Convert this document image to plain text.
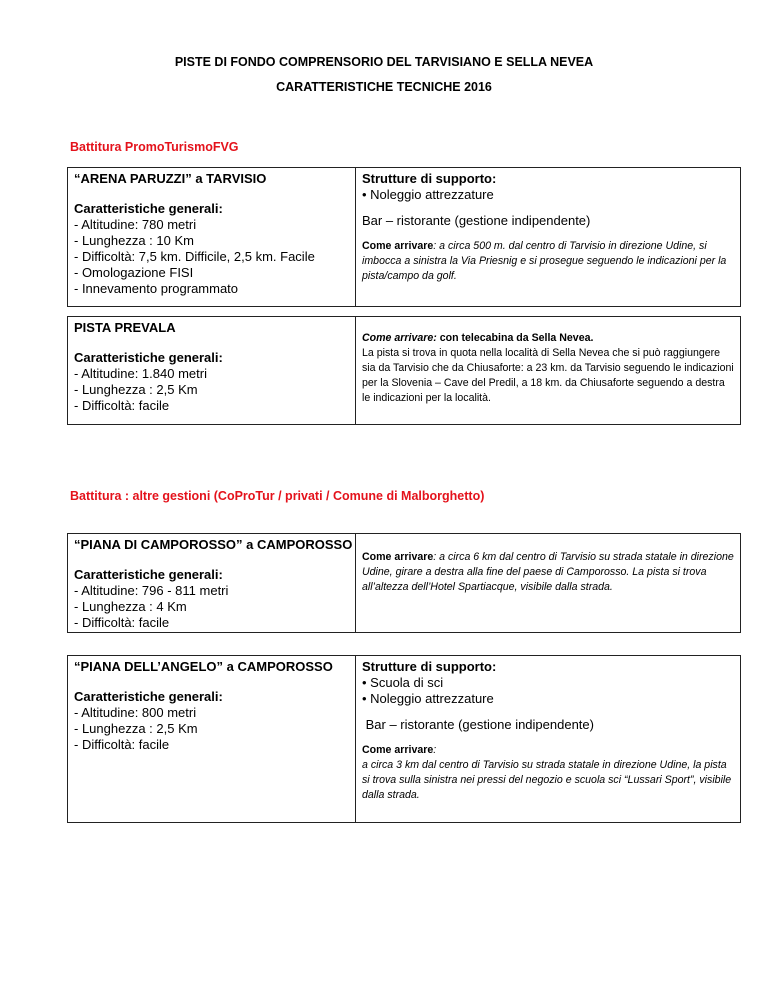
PISTE DI FONDO COMPRENSORIO DEL TARVISIANO E SELLA NEVEA
CARATTERISTICHE TECNICHE 2016
Battitura PromoTurismoFVG
“ARENA PARUZZI” a TARVISIO
Caratteristiche generali:
- Altitudine: 780 metri
- Lunghezza : 10 Km
- Difficoltà: 7,5 km. Difficile, 2,5 km. Facile
- Omologazione FISI
- Innevamento programmato
Strutture di supporto:
• Noleggio attrezzature
Bar – ristorante (gestione indipendente)
Come arrivare: a circa 500 m. dal centro di Tarvisio in direzione Udine, si imbocca a sinistra la Via Priesnig e si prosegue seguendo le indicazioni per la pista/campo da golf.
PISTA PREVALA
Caratteristiche generali:
- Altitudine: 1.840 metri
- Lunghezza : 2,5 Km
- Difficoltà: facile
Come arrivare: con telecabina da Sella Nevea.
La pista si trova in quota nella località di Sella Nevea che si può raggiungere sia da Tarvisio che da Chiusaforte: a 23 km. da Tarvisio seguendo le indicazioni per la Slovenia – Cave del Predil, a 18 km. da Chiusaforte seguendo a destra le indicazioni per la località.
Battitura : altre gestioni (CoProTur / privati / Comune di Malborghetto)
“PIANA DI CAMPOROSSO” a CAMPOROSSO
Caratteristiche generali:
- Altitudine: 796 - 811 metri
- Lunghezza : 4 Km
- Difficoltà: facile
Come arrivare: a circa 6 km dal centro di Tarvisio su strada statale in direzione Udine, girare a destra alla fine del paese di Camporosso. La pista si trova all’altezza dell’Hotel Spartiacque, visibile dalla strada.
“PIANA DELL’ANGELO” a CAMPOROSSO
Caratteristiche generali:
- Altitudine: 800 metri
- Lunghezza : 2,5 Km
- Difficoltà: facile
Strutture di supporto:
• Scuola di sci
• Noleggio attrezzature
Bar – ristorante (gestione indipendente)
Come arrivare:
a circa 3 km dal centro di Tarvisio su strada statale in direzione Udine, la pista si trova sulla sinistra nei pressi del negozio e scuola sci “Lussari Sport”, visibile dalla strada.
